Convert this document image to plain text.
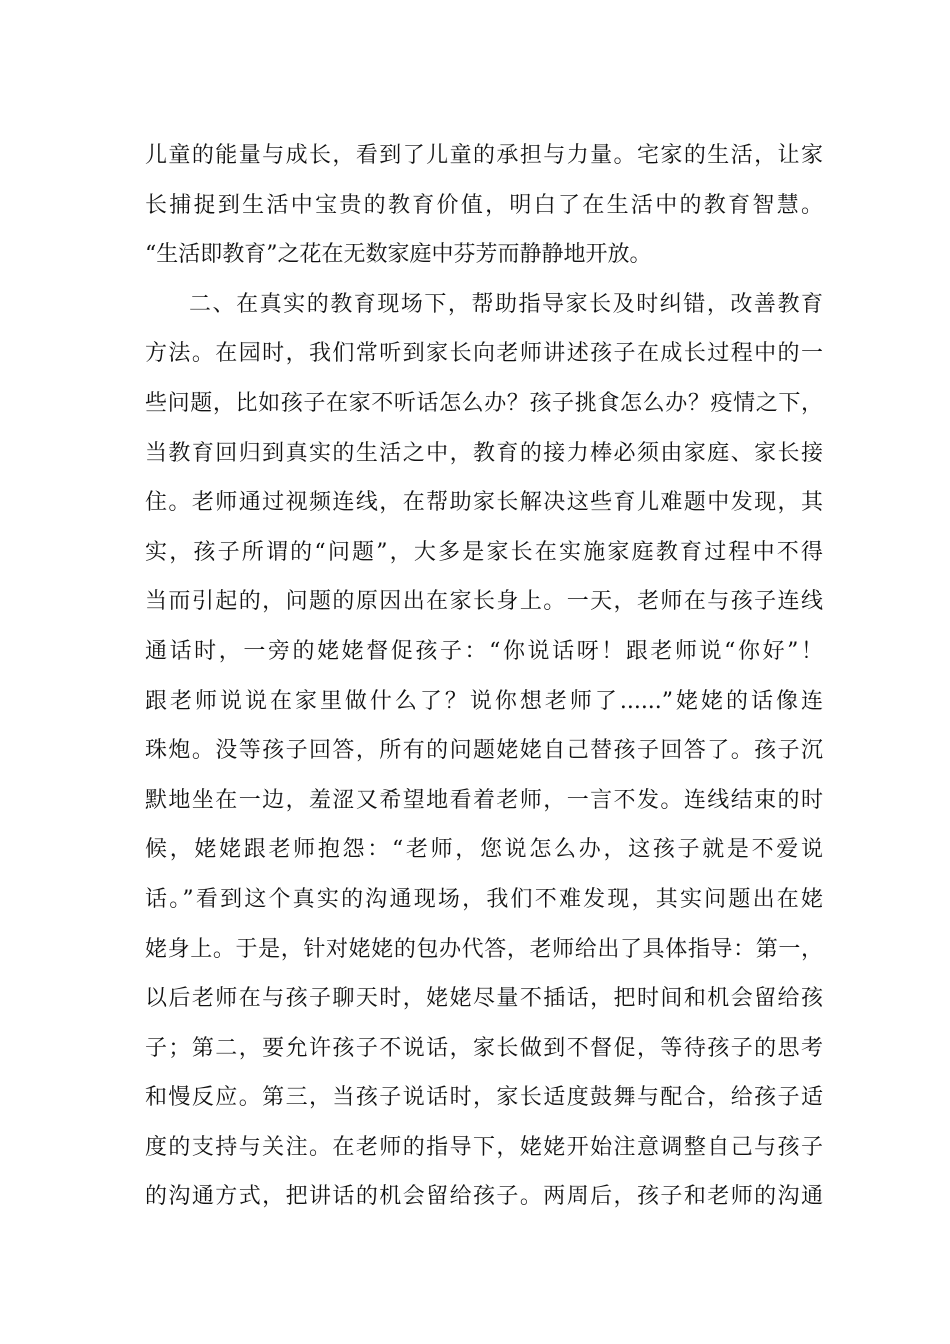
儿童的能量与成长，看到了儿童的承担与力量。宅家的生活，让家
长捕捉到生活中宝贵的教育价值，明白了在生活中的教育智慧。
“生活即教育”之花在无数家庭中芬芳而静静地开放。
二、在真实的教育现场下，帮助指导家长及时纠错，改善教育
方法。在园时，我们常听到家长向老师讲述孩子在成长过程中的一
些问题，比如孩子在家不听话怎么办？孩子挑食怎么办？疫情之下，
当教育回归到真实的生活之中，教育的接力棒必须由家庭、家长接
住。老师通过视频连线，在帮助家长解决这些育儿难题中发现，其
实，孩子所谓的“问题”，大多是家长在实施家庭教育过程中不得
当而引起的，问题的原因出在家长身上。一天，老师在与孩子连线
通话时，一旁的姥姥督促孩子：“你说话呀！跟老师说“你好”！
跟老师说说在家里做什么了？说你想老师了......”姥姥的话像连
珠炮。没等孩子回答，所有的问题姥姥自己替孩子回答了。孩子沉
默地坐在一边，羞涩又希望地看着老师，一言不发。连线结束的时
候，姥姥跟老师抱怨：“老师，您说怎么办，这孩子就是不爱说
话。”看到这个真实的沟通现场，我们不难发现，其实问题出在姥
姥身上。于是，针对姥姥的包办代答，老师给出了具体指导：第一，
以后老师在与孩子聊天时，姥姥尽量不插话，把时间和机会留给孩
子；第二，要允许孩子不说话，家长做到不督促，等待孩子的思考
和慢反应。第三，当孩子说话时，家长适度鼓舞与配合，给孩子适
度的支持与关注。在老师的指导下，姥姥开始注意调整自己与孩子
的沟通方式，把讲话的机会留给孩子。两周后，孩子和老师的沟通
